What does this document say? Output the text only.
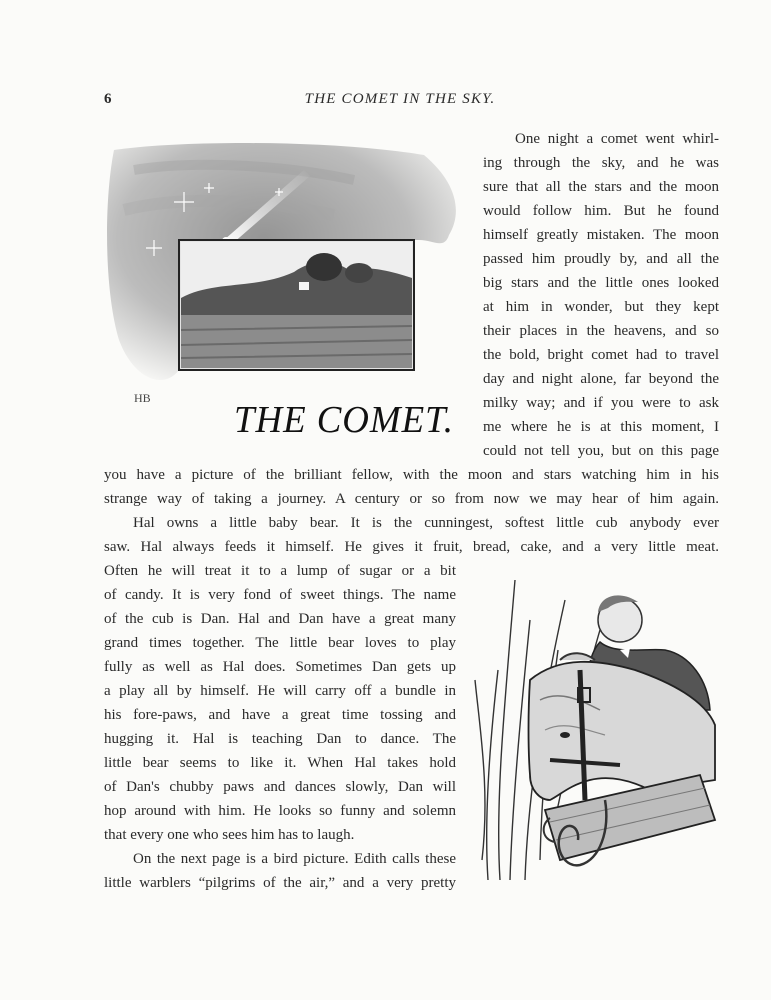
6	THE COMET IN THE SKY.
HB
THE COMET.
One night a comet went whirl-
ing through the sky, and he was
sure that all the stars and the moon
would follow him. But he found
himself greatly mistaken. The moon
passed him proudly by, and all the
big stars and the little ones looked
at him in wonder, but they kept
their places in the heavens, and so
the bold, bright comet had to travel
day and night alone, far beyond the
milky way; and if you were to ask
me where he is at this moment, I
could not tell you, but on this page
you have a picture of the brilliant fellow, with the moon and stars watching him in his
strange way of taking a journey. A century or so from now we may hear of him again.
Hal owns a little baby bear. It is the cunningest, softest little cub anybody ever
saw. Hal always feeds it himself. He gives it fruit, bread, cake, and a very little meat.
Often he will treat it to a lump of sugar or a bit
of candy. It is very fond of sweet things. The name
of the cub is Dan. Hal and Dan have a great many
grand times together. The little bear loves to play
fully as well as Hal does. Sometimes Dan gets up
a play all by himself. He will carry off a bundle in
his fore-paws, and have a great time tossing and
hugging it. Hal is teaching Dan to dance. The
little bear seems to like it. When Hal takes hold
of Dan's chubby paws and dances slowly, Dan will
hop around with him. He looks so funny and solemn
that every one who sees him has to laugh.
On the next page is a bird picture. Edith calls these
little warblers “pilgrims of the air,” and a very pretty
